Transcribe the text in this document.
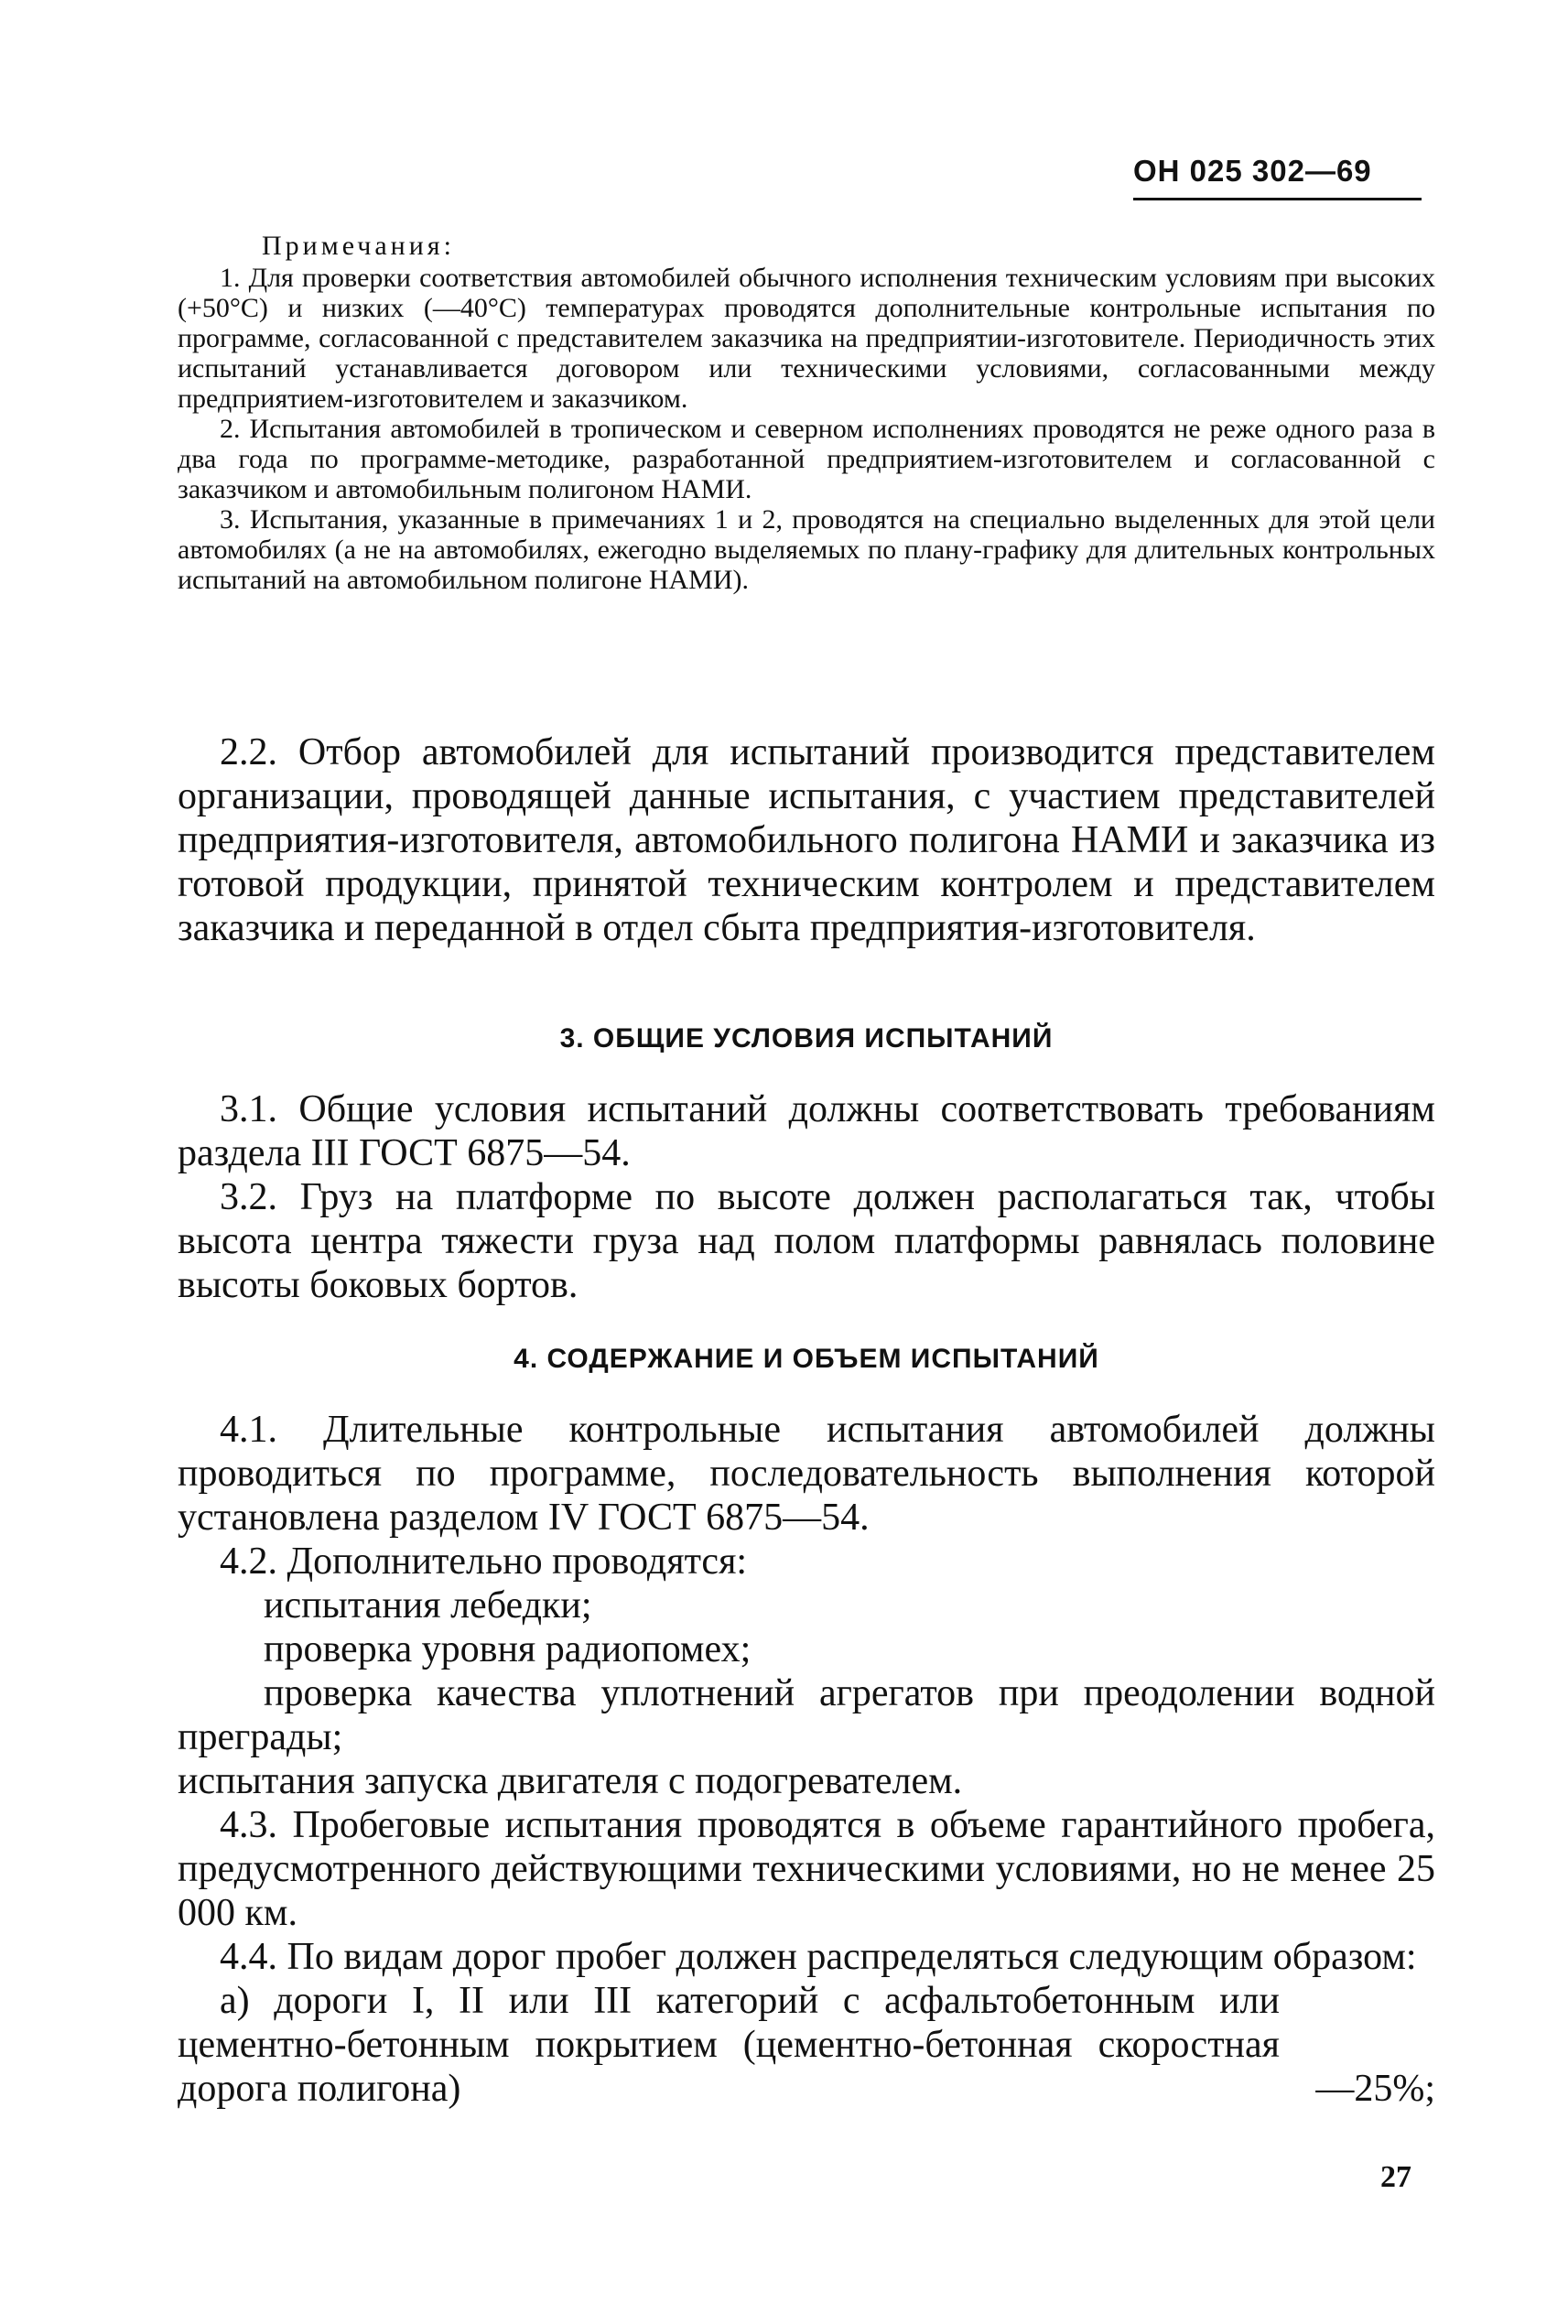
ОН 025 302—69

Примечания:

1. Для проверки соответствия автомобилей обычного исполнения техническим условиям при высоких (+50°С) и низких (—40°С) температурах проводятся дополнительные контрольные испытания по программе, согласованной с представителем заказчика на предприятии-изготовителе. Периодичность этих испытаний устанавливается договором или техническими условиями, согласованными между предприятием-изготовителем и заказчиком.

2. Испытания автомобилей в тропическом и северном исполнениях проводятся не реже одного раза в два года по программе-методике, разработанной предприятием-изготовителем и согласованной с заказчиком и автомобильным полигоном НАМИ.

3. Испытания, указанные в примечаниях 1 и 2, проводятся на специально выделенных для этой цели автомобилях (а не на автомобилях, ежегодно выделяемых по плану-графику для длительных контрольных испытаний на автомобильном полигоне НАМИ).

2.2. Отбор автомобилей для испытаний производится представителем организации, проводящей данные испытания, с участием представителей предприятия-изготовителя, автомобильного полигона НАМИ и заказчика из готовой продукции, принятой техническим контролем и представителем заказчика и переданной в отдел сбыта предприятия-изготовителя.

3. ОБЩИЕ УСЛОВИЯ ИСПЫТАНИЙ

3.1. Общие условия испытаний должны соответствовать требованиям раздела III ГОСТ 6875—54.

3.2. Груз на платформе по высоте должен располагаться так, чтобы высота центра тяжести груза над полом платформы равнялась половине высоты боковых бортов.

4. СОДЕРЖАНИЕ И ОБЪЕМ ИСПЫТАНИЙ

4.1. Длительные контрольные испытания автомобилей должны проводиться по программе, последовательность выполнения которой установлена разделом IV ГОСТ 6875—54.

4.2. Дополнительно проводятся:

испытания лебедки;

проверка уровня радиопомех;

проверка качества уплотнений агрегатов при преодолении водной преграды;

испытания запуска двигателя с подогревателем.

4.3. Пробеговые испытания проводятся в объеме гарантийного пробега, предусмотренного действующими техническими условиями, но не менее 25 000 км.

4.4. По видам дорог пробег должен распределяться следующим образом:

а) дороги I, II или III категорий с асфальтобетонным или цементно-бетонным покрытием (цементно-бетонная скоростная дорога полигона)	—25%;
27
